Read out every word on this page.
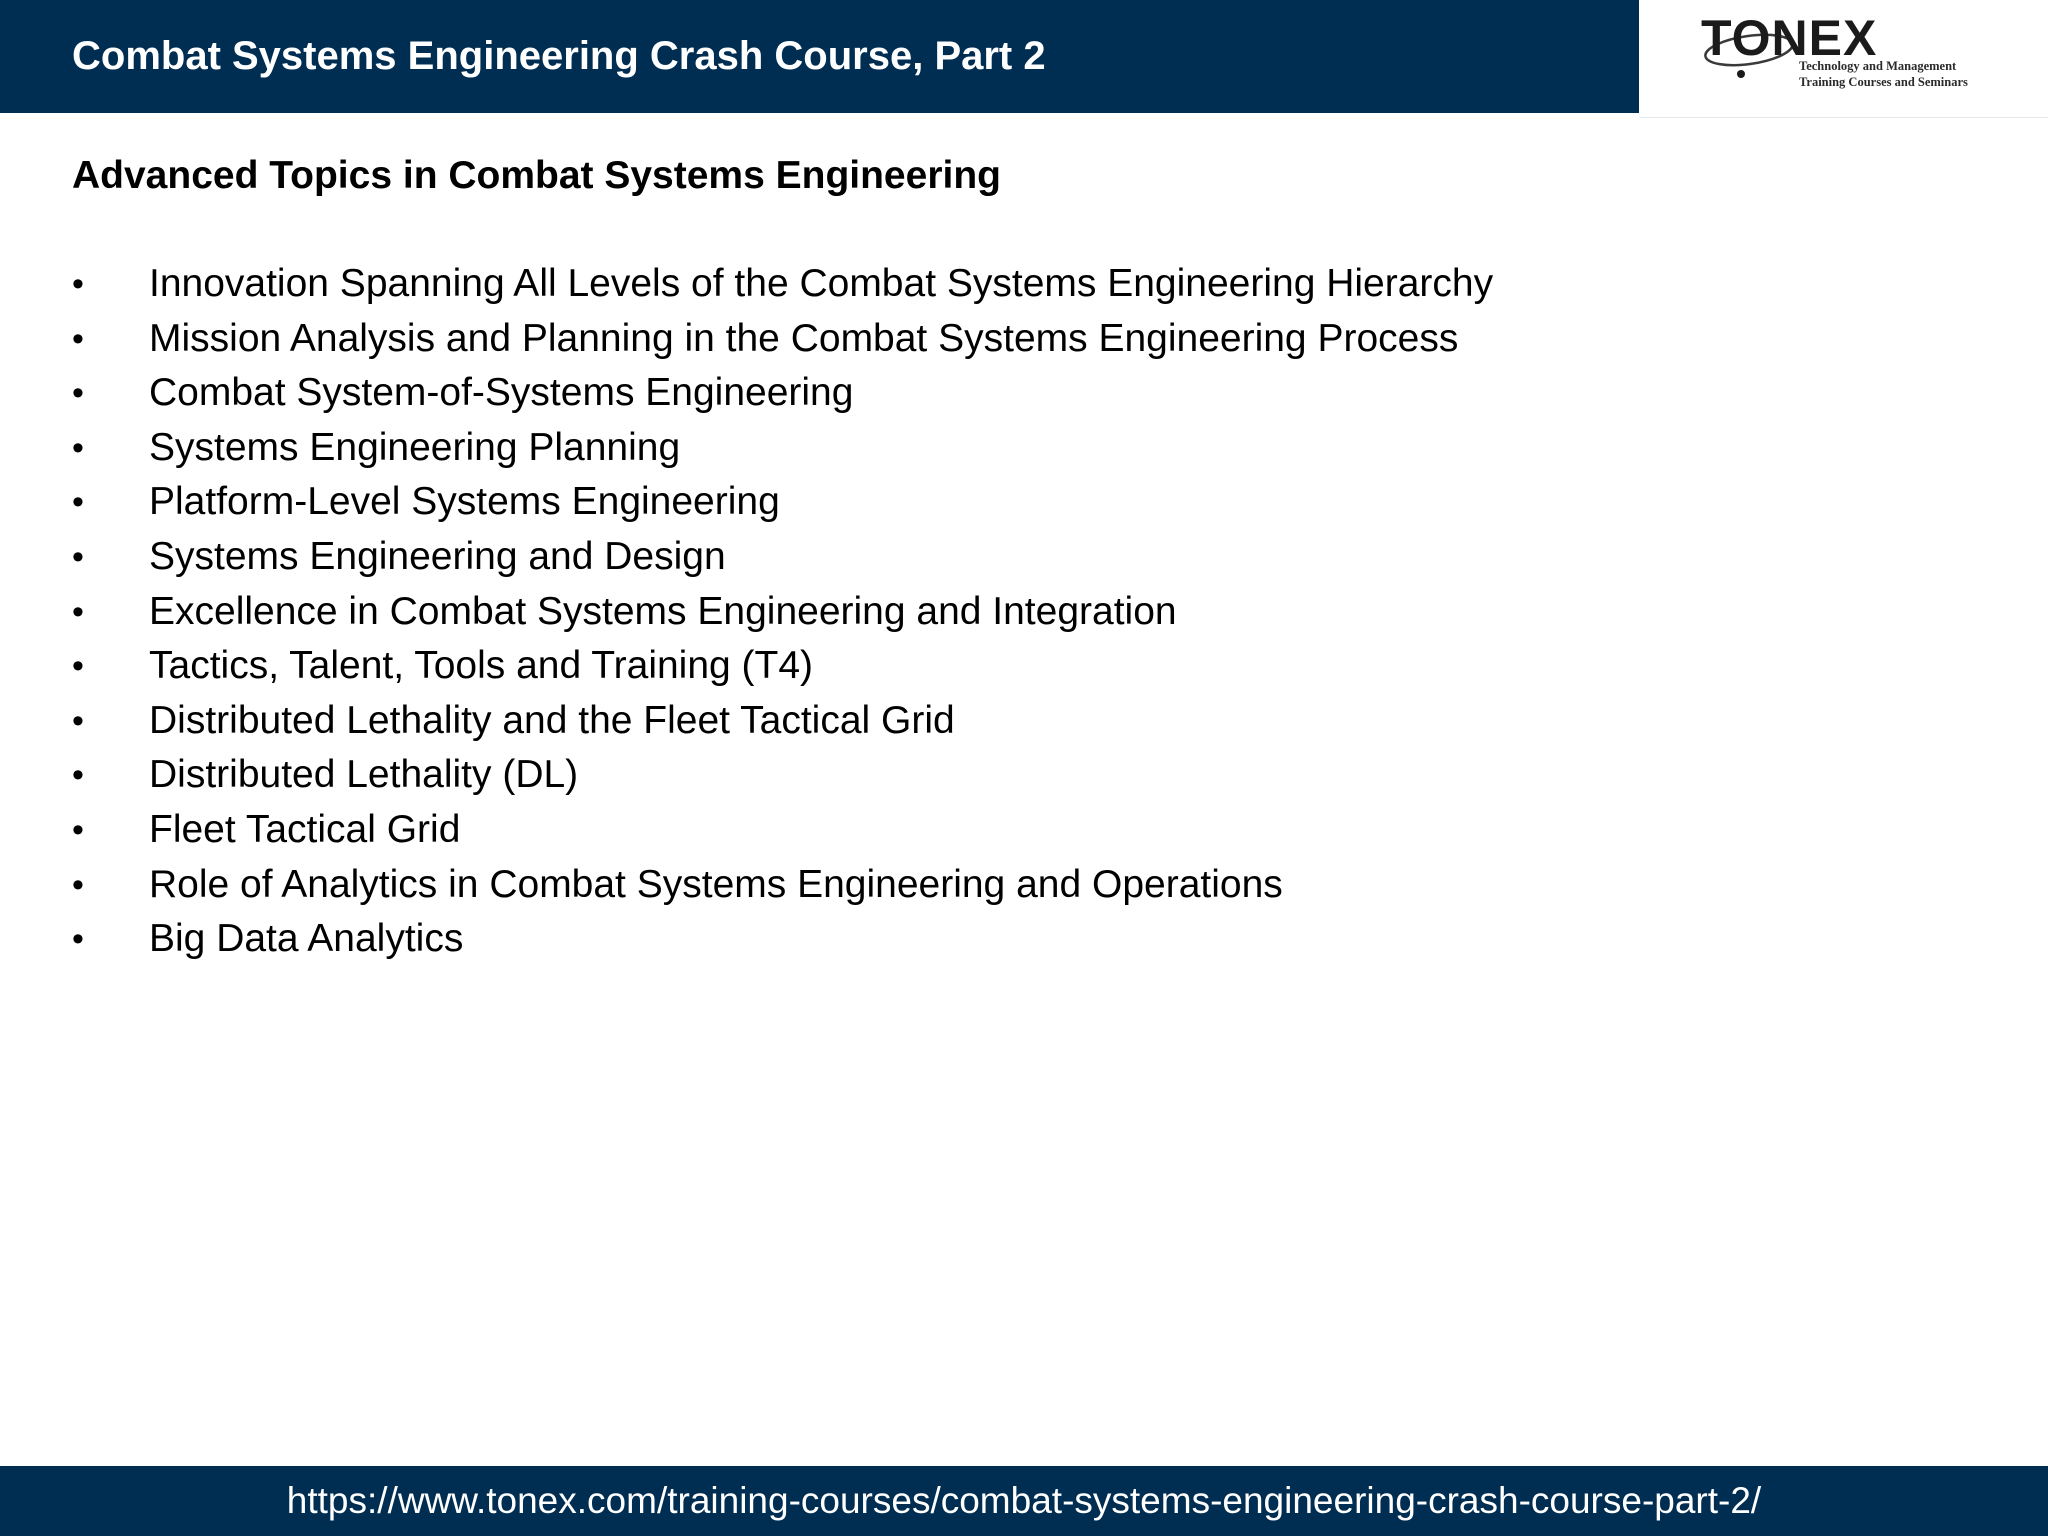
Combat Systems Engineering Crash Course, Part 2	TONEX
Technology and Management
Training Courses and Seminars
Advanced Topics in Combat Systems Engineering
•	Innovation Spanning All Levels of the Combat Systems Engineering Hierarchy
•	Mission Analysis and Planning in the Combat Systems Engineering Process
•	Combat System-of-Systems Engineering
•	Systems Engineering Planning
•	Platform-Level Systems Engineering
•	Systems Engineering and Design
•	Excellence in Combat Systems Engineering and Integration
•	Tactics, Talent, Tools and Training (T4)
•	Distributed Lethality and the Fleet Tactical Grid
•	Distributed Lethality (DL)
•	Fleet Tactical Grid
•	Role of Analytics in Combat Systems Engineering and Operations
•	Big Data Analytics
https://www.tonex.com/training-courses/combat-systems-engineering-crash-course-part-2/
